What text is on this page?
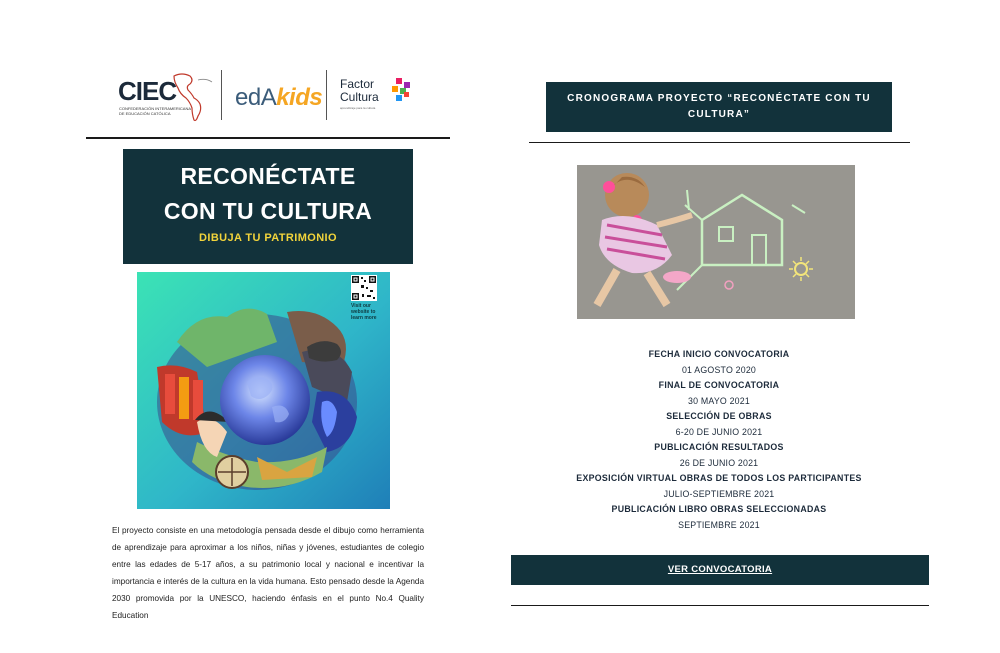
CIEC
CONFEDERACIÓN INTERAMERICANA DE EDUCACIÓN CATÓLICA
edAkids Factor
Cultura
aprendizaje para la cultura
RECONÉCTATE
CON TU CULTURA
DIBUJA TU PATRIMONIO
Visit our website to learn more

El proyecto consiste en una metodología pensada desde el dibujo como herramienta de aprendizaje para aproximar a los niños, niñas y jóvenes, estudiantes de colegio entre las edades de 5-17 años, a su patrimonio local y nacional e incentivar la importancia e interés de la cultura en la vida humana. Esto pensado desde la Agenda 2030 promovida por la UNESCO, haciendo énfasis en el punto No.4 Quality Education

CRONOGRAMA PROYECTO “RECONÉCTATE CON TU CULTURA”
FECHA INICIO CONVOCATORIA
01 AGOSTO 2020
FINAL DE CONVOCATORIA
30 MAYO 2021
SELECCIÓN DE OBRAS
6-20 DE JUNIO 2021
PUBLICACIÓN RESULTADOS
26 DE JUNIO 2021
EXPOSICIÓN VIRTUAL OBRAS DE TODOS LOS PARTICIPANTES
JULIO-SEPTIEMBRE 2021
PUBLICACIÓN LIBRO OBRAS SELECCIONADAS
SEPTIEMBRE 2021
VER CONVOCATORIA
